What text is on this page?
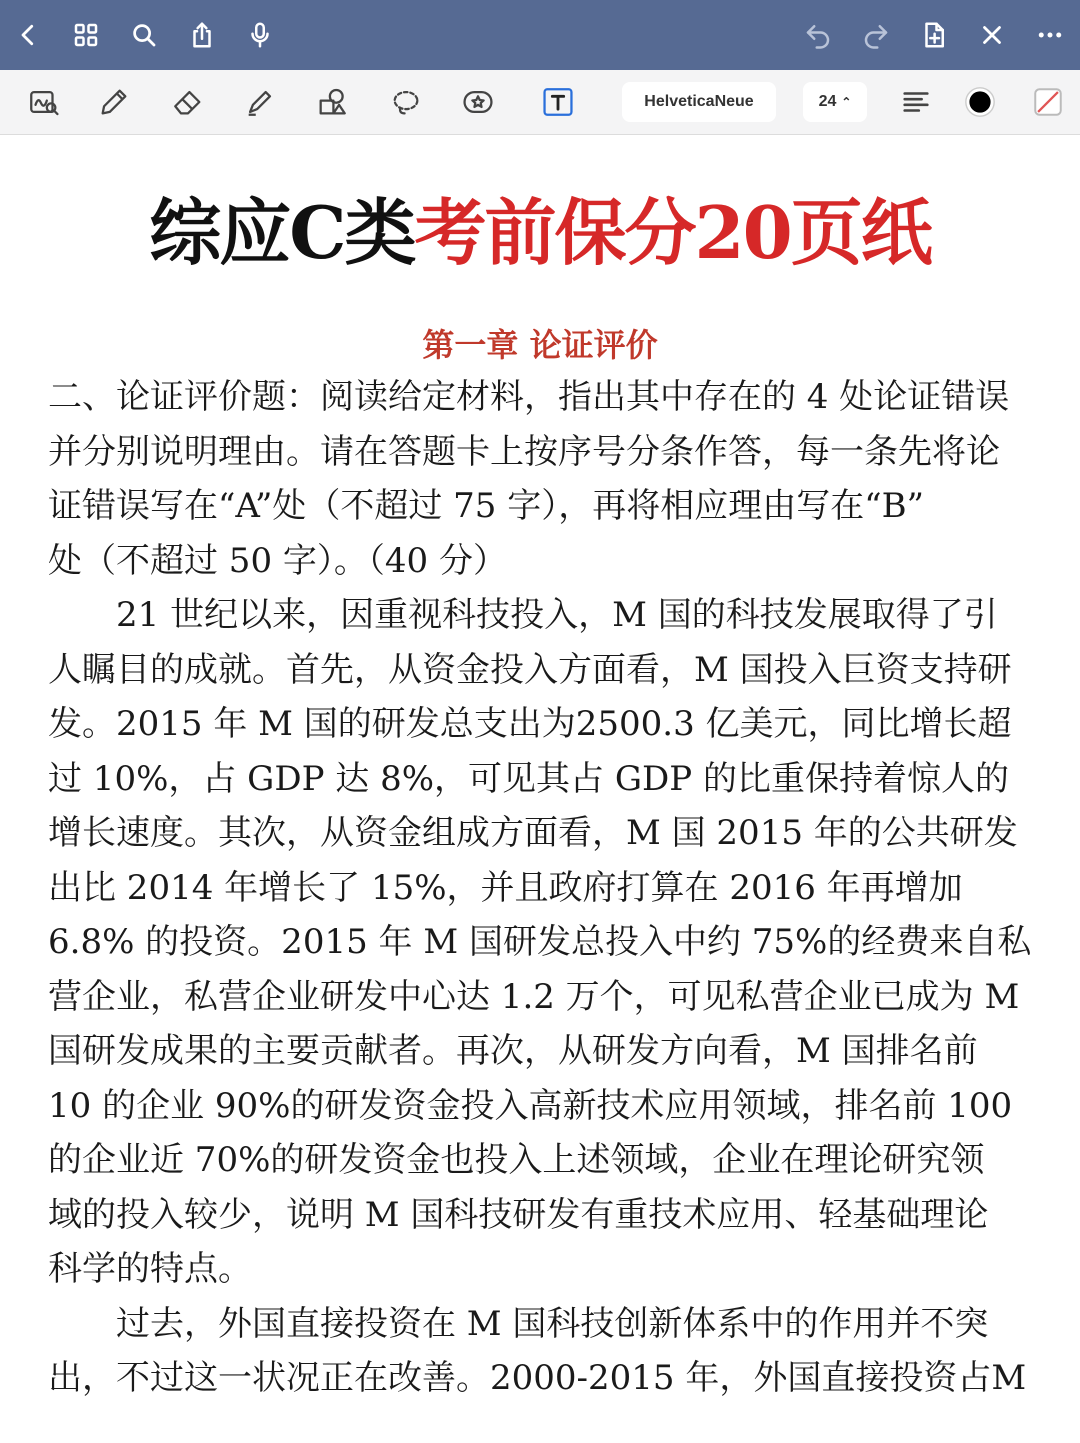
HelveticaNeue	24 ⌃
综应C类考前保分20页纸
第一章 论证评价

二、论证评价题：阅读给定材料，指出其中存在的 4 处论证错误

并分别说明理由。请在答题卡上按序号分条作答，每一条先将论

证错误写在“A”处（不超过 75 字），再将相应理由写在“B”

处（不超过 50 字）。（40 分）

　　21 世纪以来，因重视科技投入，M 国的科技发展取得了引

人瞩目的成就。首先，从资金投入方面看，M 国投入巨资支持研

发。2015 年 M 国的研发总支出为2500.3 亿美元，同比增长超

过 10%，占 GDP 达 8%，可见其占 GDP 的比重保持着惊人的

增长速度。其次，从资金组成方面看，M 国 2015 年的公共研发

出比 2014 年增长了 15%，并且政府打算在 2016 年再增加

6.8% 的投资。2015 年 M 国研发总投入中约 75%的经费来自私

营企业，私营企业研发中心达 1.2 万个，可见私营企业已成为 M

国研发成果的主要贡献者。再次，从研发方向看，M 国排名前

10 的企业 90%的研发资金投入高新技术应用领域，排名前 100

的企业近 70%的研发资金也投入上述领域，企业在理论研究领

域的投入较少，说明 M 国科技研发有重技术应用、轻基础理论

科学的特点。

　　过去，外国直接投资在 M 国科技创新体系中的作用并不突

出，不过这一状况正在改善。2000-2015 年，外国直接投资占M
